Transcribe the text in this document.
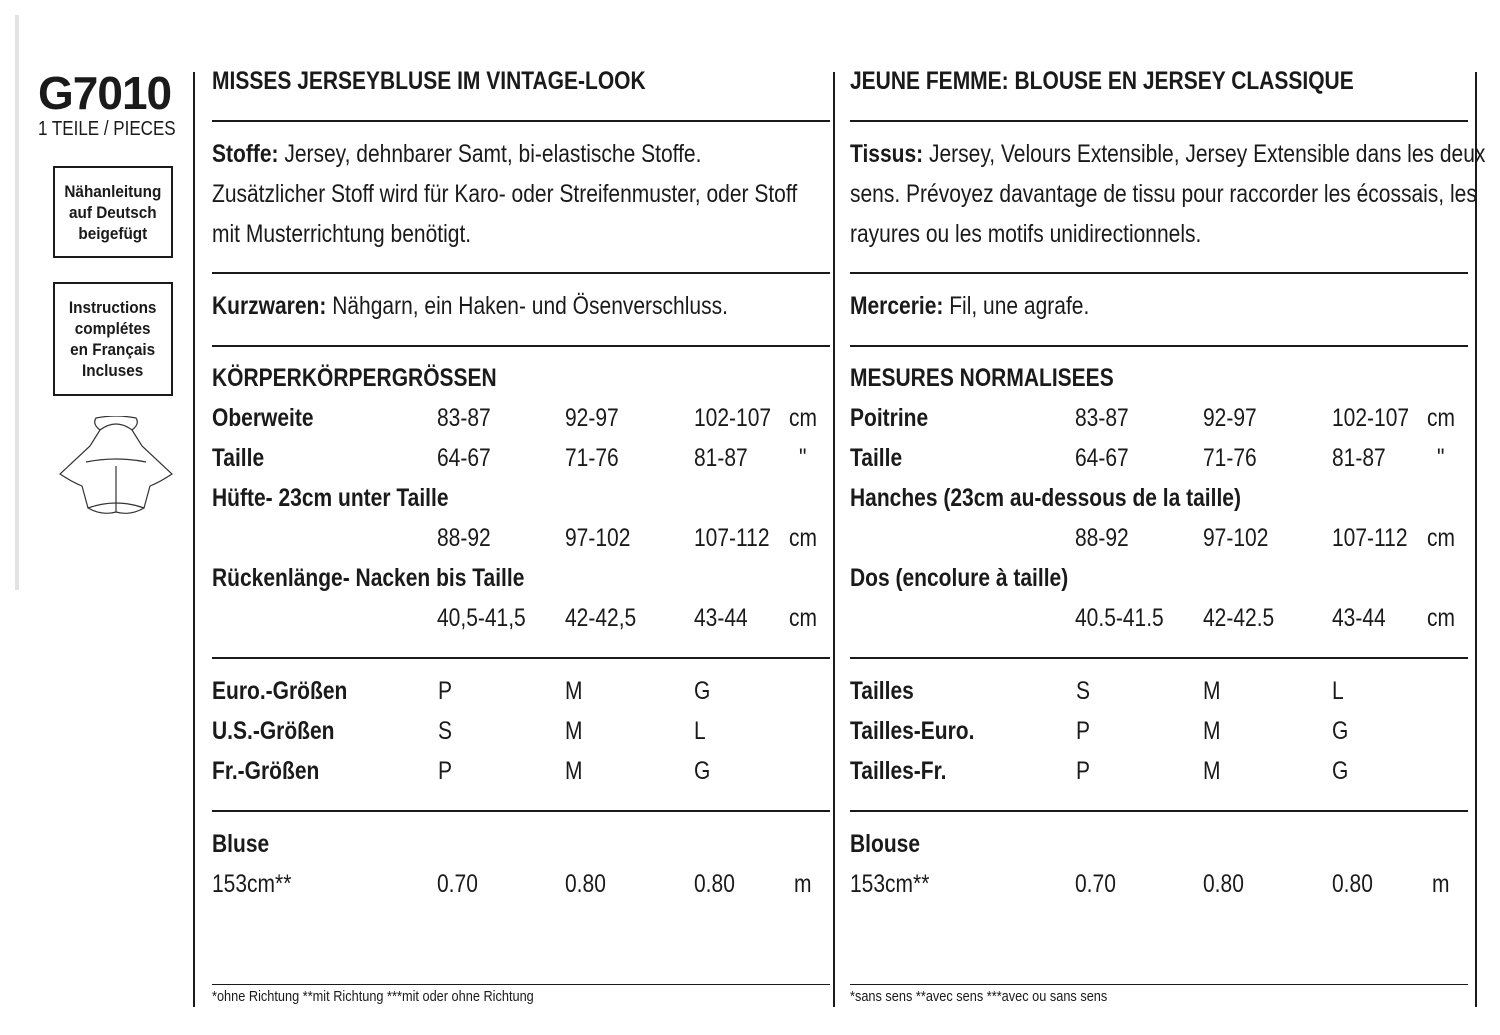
G7010
1 TEILE / PIECES
Nähanleitung
auf Deutsch
beigefügt
Instructions
complétes
en Français
Incluses
MISSES JERSEYBLUSE IM VINTAGE-LOOK
Stoffe: Jersey, dehnbarer Samt, bi-elastische Stoffe.
Zusätzlicher Stoff wird für Karo- oder Streifenmuster, oder Stoff
mit Musterrichtung benötigt.
Kurzwaren: Nähgarn, ein Haken- und Ösenverschluss.
KÖRPERKÖRPERGRÖSSEN
Oberweite	83-87	92-97	102-107 cm
Taille	64-67	71-76	81-87 "
Hüfte- 23cm unter Taille
88-92	97-102	107-112 cm
Rückenlänge- Nacken bis Taille
40,5-41,5 42-42,5 43-44 cm
Euro.-Größen	P	M	G
U.S.-Größen	S	M	L
Fr.-Größen	P	M	G
Bluse
153cm**	0.70	0.80	0.80 m
*ohne Richtung **mit Richtung ***mit oder ohne Richtung
JEUNE FEMME: BLOUSE EN JERSEY CLASSIQUE
Tissus: Jersey, Velours Extensible, Jersey Extensible dans les deux
sens. Prévoyez davantage de tissu pour raccorder les écossais, les
rayures ou les motifs unidirectionnels.
Mercerie: Fil, une agrafe.
MESURES NORMALISEES
Poitrine	83-87	92-97	102-107 cm
Taille	64-67	71-76	81-87 "
Hanches (23cm au-dessous de la taille)
88-92	97-102	107-112 cm
Dos (encolure à taille)
40.5-41.5 42-42.5 43-44 cm
Tailles	S	M	L
Tailles-Euro.	P	M	G
Tailles-Fr.	P	M	G
Blouse
153cm**	0.70	0.80	0.80 m
*sans sens **avec sens ***avec ou sans sens
